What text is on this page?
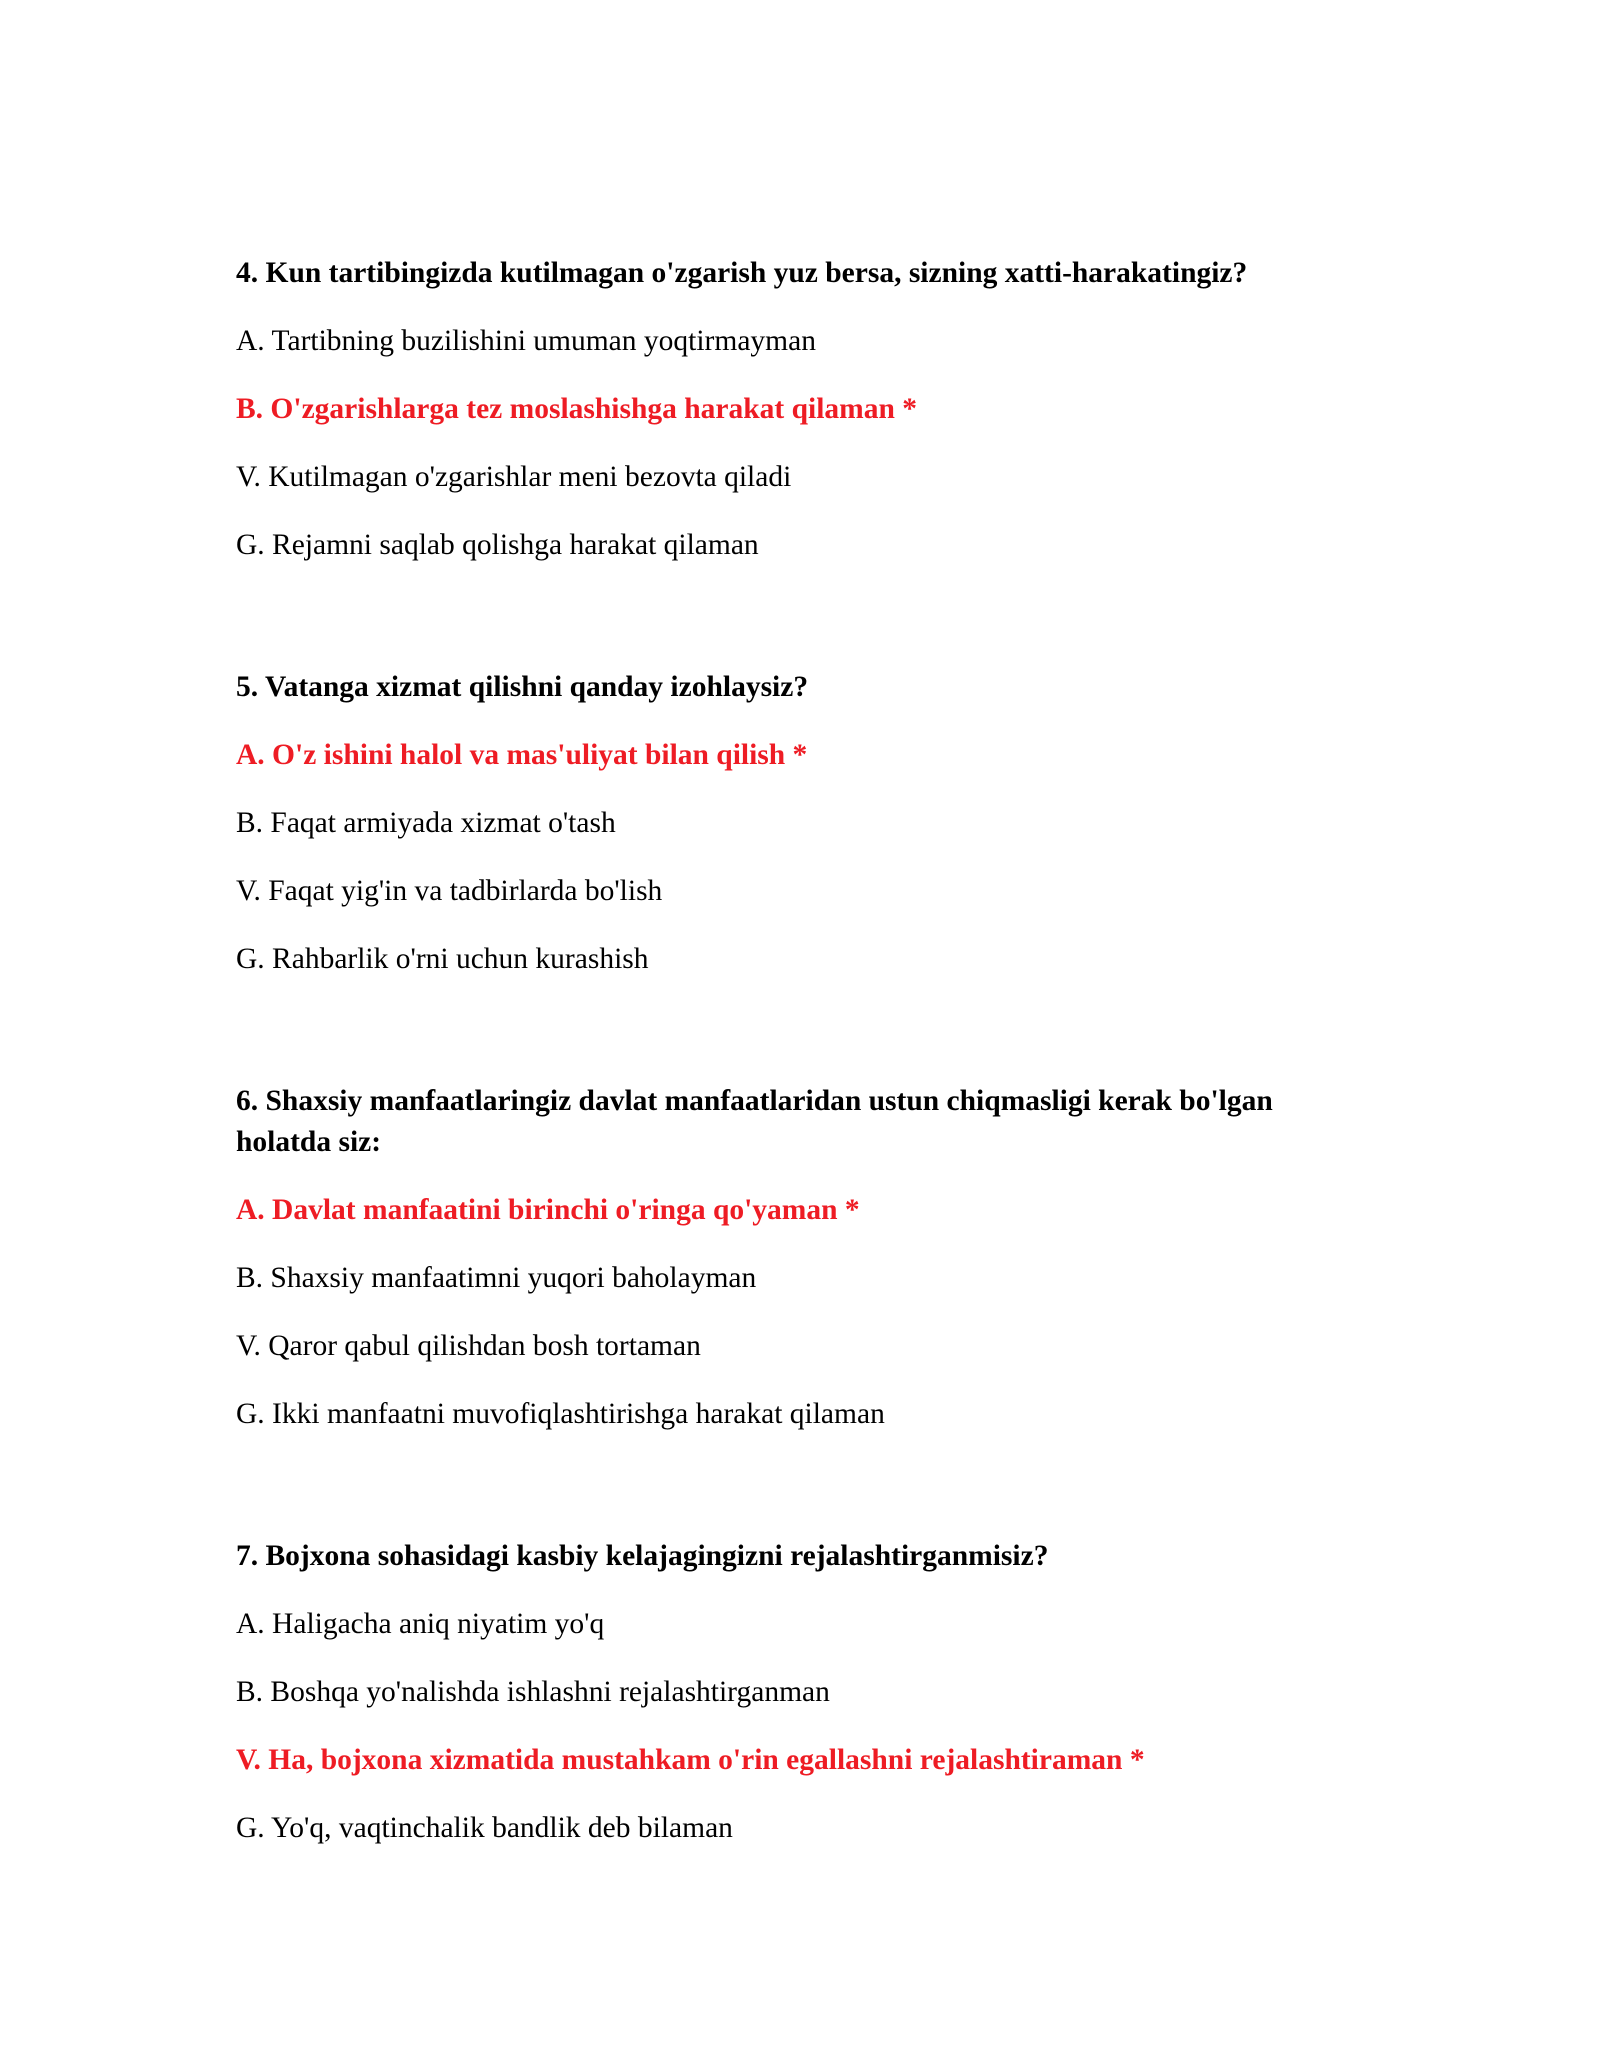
4. Kun tartibingizda kutilmagan o'zgarish yuz bersa, sizning xatti-harakatingiz?

A. Tartibning buzilishini umuman yoqtirmayman

B. O'zgarishlarga tez moslashishga harakat qilaman *

V. Kutilmagan o'zgarishlar meni bezovta qiladi

G. Rejamni saqlab qolishga harakat qilaman

5. Vatanga xizmat qilishni qanday izohlaysiz?

A. O'z ishini halol va mas'uliyat bilan qilish *

B. Faqat armiyada xizmat o'tash

V. Faqat yig'in va tadbirlarda bo'lish

G. Rahbarlik o'rni uchun kurashish

6. Shaxsiy manfaatlaringiz davlat manfaatlaridan ustun chiqmasligi kerak bo'lgan holatda siz:

A. Davlat manfaatini birinchi o'ringa qo'yaman *

B. Shaxsiy manfaatimni yuqori baholayman

V. Qaror qabul qilishdan bosh tortaman

G. Ikki manfaatni muvofiqlashtirishga harakat qilaman

7. Bojxona sohasidagi kasbiy kelajagingizni rejalashtirganmisiz?

A. Haligacha aniq niyatim yo'q

B. Boshqa yo'nalishda ishlashni rejalashtirganman

V. Ha, bojxona xizmatida mustahkam o'rin egallashni rejalashtiraman *

G. Yo'q, vaqtinchalik bandlik deb bilaman
